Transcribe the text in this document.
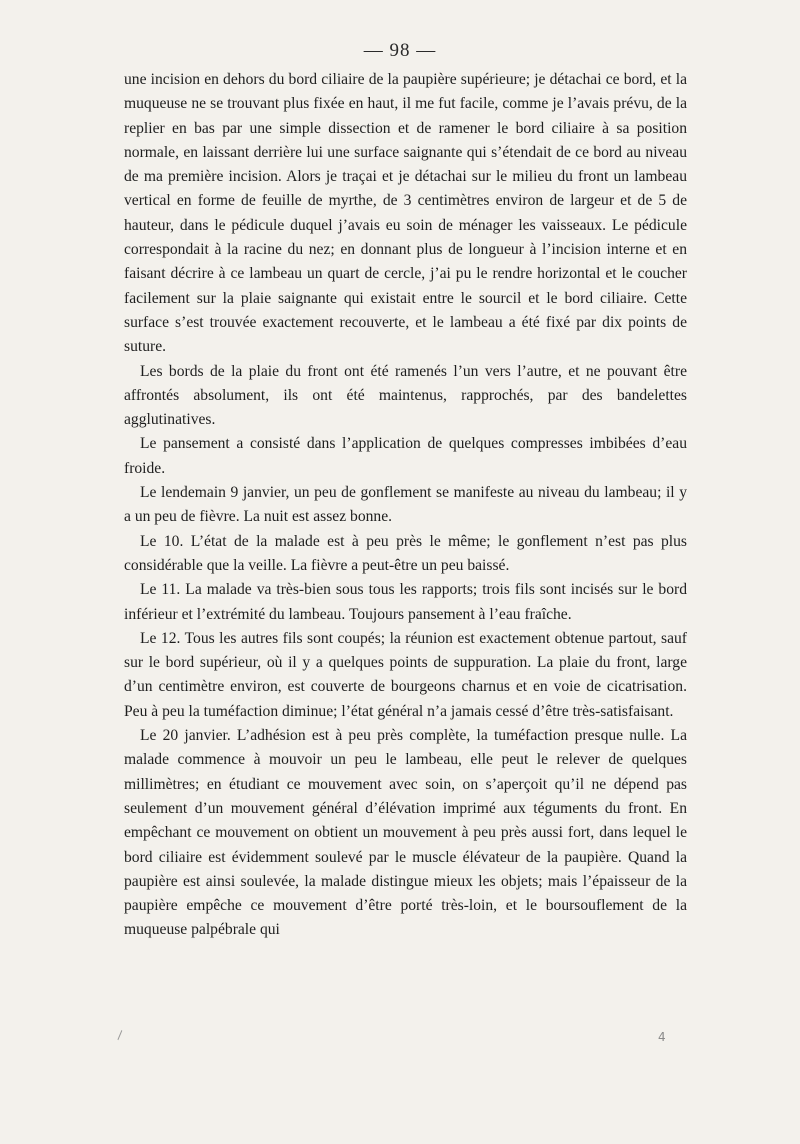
— 98 —

une incision en dehors du bord ciliaire de la paupière supérieure; je détachai ce bord, et la muqueuse ne se trouvant plus fixée en haut, il me fut facile, comme je l’avais prévu, de la replier en bas par une simple dissection et de ramener le bord ciliaire à sa position normale, en laissant derrière lui une surface saignante qui s’étendait de ce bord au niveau de ma première incision. Alors je traçai et je détachai sur le milieu du front un lambeau vertical en forme de feuille de myrthe, de 3 centimètres environ de largeur et de 5 de hauteur, dans le pédicule duquel j’avais eu soin de ménager les vaisseaux. Le pédicule correspondait à la racine du nez; en donnant plus de longueur à l’incision interne et en faisant décrire à ce lambeau un quart de cercle, j’ai pu le rendre horizontal et le coucher facilement sur la plaie saignante qui existait entre le sourcil et le bord ciliaire. Cette surface s’est trouvée exactement recouverte, et le lambeau a été fixé par dix points de suture.

Les bords de la plaie du front ont été ramenés l’un vers l’autre, et ne pouvant être affrontés absolument, ils ont été maintenus, rapprochés, par des bandelettes agglutinatives.

Le pansement a consisté dans l’application de quelques compresses imbibées d’eau froide.

Le lendemain 9 janvier, un peu de gonflement se manifeste au niveau du lambeau; il y a un peu de fièvre. La nuit est assez bonne.

Le 10. L’état de la malade est à peu près le même; le gonflement n’est pas plus considérable que la veille. La fièvre a peut-être un peu baissé.

Le 11. La malade va très-bien sous tous les rapports; trois fils sont incisés sur le bord inférieur et l’extrémité du lambeau. Toujours pansement à l’eau fraîche.

Le 12. Tous les autres fils sont coupés; la réunion est exactement obtenue partout, sauf sur le bord supérieur, où il y a quelques points de suppuration. La plaie du front, large d’un centimètre environ, est couverte de bourgeons charnus et en voie de cicatrisation. Peu à peu la tuméfaction diminue; l’état général n’a jamais cessé d’être très-satisfaisant.

Le 20 janvier. L’adhésion est à peu près complète, la tuméfaction presque nulle. La malade commence à mouvoir un peu le lambeau, elle peut le relever de quelques millimètres; en étudiant ce mouvement avec soin, on s’aperçoit qu’il ne dépend pas seulement d’un mouvement général d’élévation imprimé aux téguments du front. En empêchant ce mouvement on obtient un mouvement à peu près aussi fort, dans lequel le bord ciliaire est évidemment soulevé par le muscle élévateur de la paupière. Quand la paupière est ainsi soulevée, la malade distingue mieux les objets; mais l’épaisseur de la paupière empêche ce mouvement d’être porté très-loin, et le boursouflement de la muqueuse palpébrale qui

\	4
